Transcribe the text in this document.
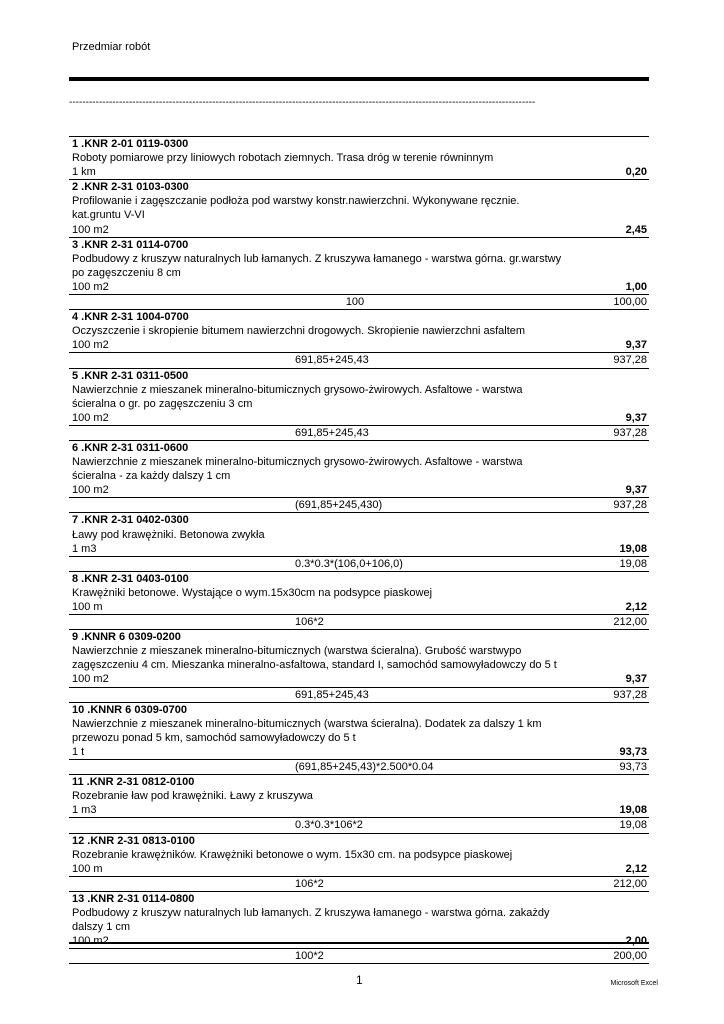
Przedmiar robót
--------------------------------------------------------------------------------------------------------------------------------------------
1 .KNR 2-01 0119-0300
Roboty pomiarowe przy liniowych robotach ziemnych. Trasa dróg w terenie równinnym
1 km	0,20
2 .KNR 2-31 0103-0300
Profilowanie i zagęszczanie podłoża pod warstwy konstr.nawierzchni. Wykonywane ręcznie.
kat.gruntu V-VI
100 m2	2,45
3 .KNR 2-31 0114-0700
Podbudowy z kruszyw naturalnych lub łamanych. Z kruszywa łamanego - warstwa górna. gr.warstwy
po zagęszczeniu 8 cm
100 m2	1,00
100	100,00
4 .KNR 2-31 1004-0700
Oczyszczenie i skropienie bitumem nawierzchni drogowych. Skropienie nawierzchni asfaltem
100 m2	9,37
691,85+245,43	937,28
5 .KNR 2-31 0311-0500
Nawierzchnie z mieszanek mineralno-bitumicznych grysowo-żwirowych. Asfaltowe - warstwa
ścieralna o gr. po zagęszczeniu 3 cm
100 m2	9,37
691,85+245,43	937,28
6 .KNR 2-31 0311-0600
Nawierzchnie z mieszanek mineralno-bitumicznych grysowo-żwirowych. Asfaltowe - warstwa
ścieralna - za każdy dalszy 1 cm
100 m2	9,37
(691,85+245,430)	937,28
7 .KNR 2-31 0402-0300
Ławy pod krawężniki. Betonowa zwykła
1 m3	19,08
0.3*0.3*(106,0+106,0)	19,08
8 .KNR 2-31 0403-0100
Krawężniki betonowe. Wystające o wym.15x30cm na podsypce piaskowej
100 m	2,12
106*2	212,00
9 .KNNR 6 0309-0200
Nawierzchnie z mieszanek mineralno-bitumicznych (warstwa ścieralna). Grubość warstwypo
zagęszczeniu 4 cm. Mieszanka mineralno-asfaltowa, standard I, samochód samowyładowczy do 5 t
100 m2	9,37
691,85+245,43	937,28
10 .KNNR 6 0309-0700
Nawierzchnie z mieszanek mineralno-bitumicznych (warstwa ścieralna). Dodatek za dalszy 1 km
przewozu ponad 5 km, samochód samowyładowczy do 5 t
1 t	93,73
(691,85+245,43)*2.500*0.04	93,73
11 .KNR 2-31 0812-0100
Rozebranie ław pod krawężniki. Ławy z kruszywa
1 m3	19,08
0.3*0.3*106*2	19,08
12 .KNR 2-31 0813-0100
Rozebranie krawężników. Krawężniki betonowe o wym. 15x30 cm. na podsypce piaskowej
100 m	2,12
106*2	212,00
13 .KNR 2-31 0114-0800
Podbudowy z kruszyw naturalnych lub łamanych. Z kruszywa łamanego - warstwa górna. zakażdy
dalszy 1 cm
100 m2	2,00
100*2	200,00
1	Microsoft Excel
